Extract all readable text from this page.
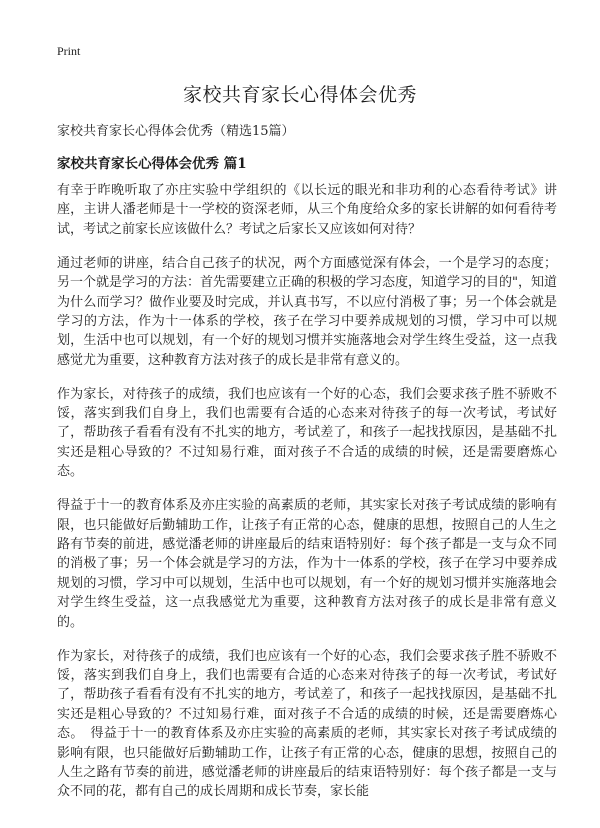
Print
家校共育家长心得体会优秀
家校共育家长心得体会优秀（精选15篇）
家校共育家长心得体会优秀 篇1

有幸于昨晚听取了亦庄实验中学组织的《以长远的眼光和非功利的心态看待考试》讲座，主讲人潘老师是十一学校的资深老师，从三个角度给众多的家长讲解的如何看待考试，考试之前家长应该做什么？考试之后家长又应该如何对待？

通过老师的讲座，结合自己孩子的状况，两个方面感觉深有体会，一个是学习的态度；另一个就是学习的方法：首先需要建立正确的积极的学习态度，知道学习的目的"，知道为什么而学习？做作业要及时完成，并认真书写，不以应付消极了事；另一个体会就是学习的方法，作为十一体系的学校，孩子在学习中要养成规划的习惯，学习中可以规划，生活中也可以规划，有一个好的规划习惯并实施落地会对学生终生受益，这一点我感觉尤为重要，这种教育方法对孩子的成长是非常有意义的。

作为家长，对待孩子的成绩，我们也应该有一个好的心态，我们会要求孩子胜不骄败不馁，落实到我们自身上，我们也需要有合适的心态来对待孩子的每一次考试，考试好了，帮助孩子看看有没有不扎实的地方，考试差了，和孩子一起找找原因，是基础不扎实还是粗心导致的？不过知易行难，面对孩子不合适的成绩的时候，还是需要磨炼心态。

得益于十一的教育体系及亦庄实验的高素质的老师，其实家长对孩子考试成绩的影响有限，也只能做好后勤辅助工作，让孩子有正常的心态，健康的思想，按照自己的人生之路有节奏的前进，感觉潘老师的讲座最后的结束语特别好：每个孩子都是一支与众不同的消极了事；另一个体会就是学习的方法，作为十一体系的学校，孩子在学习中要养成规划的习惯，学习中可以规划，生活中也可以规划，有一个好的规划习惯并实施落地会对学生终生受益，这一点我感觉尤为重要，这种教育方法对孩子的成长是非常有意义的。

作为家长，对待孩子的成绩，我们也应该有一个好的心态，我们会要求孩子胜不骄败不馁，落实到我们自身上，我们也需要有合适的心态来对待孩子的每一次考试，考试好了，帮助孩子看看有没有不扎实的地方，考试差了，和孩子一起找找原因，是基础不扎实还是粗心导致的？不过知易行难，面对孩子不合适的成绩的时候，还是需要磨炼心态。　得益于十一的教育体系及亦庄实验的高素质的老师，其实家长对孩子考试成绩的影响有限，也只能做好后勤辅助工作，让孩子有正常的心态，健康的思想，按照自己的人生之路有节奏的前进，感觉潘老师的讲座最后的结束语特别好：每个孩子都是一支与众不同的花，都有自己的成长周期和成长节奏，家长能
